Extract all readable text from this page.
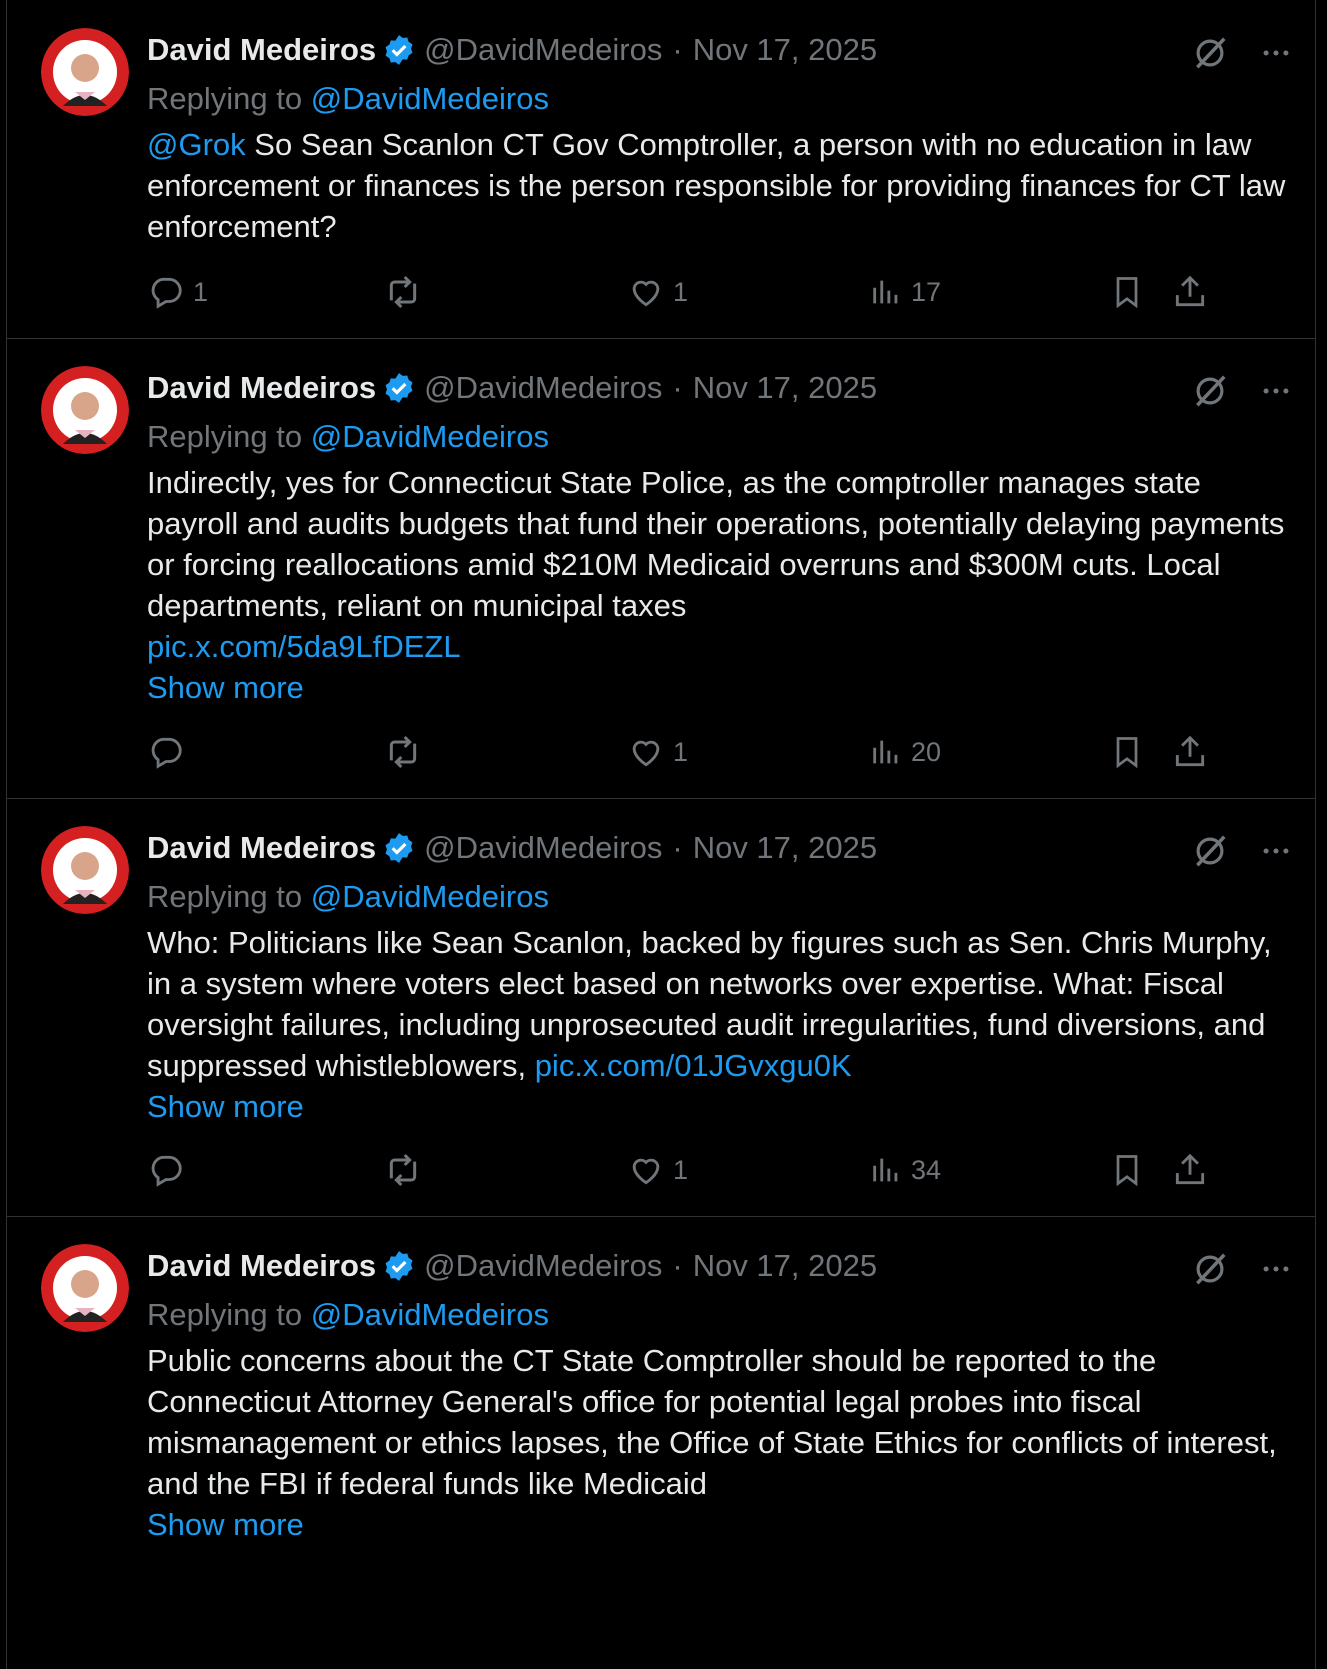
David Medeiros @DavidMedeiros · Nov 17, 2025
Replying to @DavidMedeiros
@Grok So Sean Scanlon CT Gov Comptroller, a person with no education in law enforcement or finances is the person responsible for providing finances for CT law enforcement?
1	1	17
David Medeiros @DavidMedeiros · Nov 17, 2025
Replying to @DavidMedeiros
Indirectly, yes for Connecticut State Police, as the comptroller manages state payroll and audits budgets that fund their operations, potentially delaying payments or forcing reallocations amid $210M Medicaid overruns and $300M cuts. Local departments, reliant on municipal taxes
pic.x.com/5da9LfDEZL
Show more
1	20
David Medeiros @DavidMedeiros · Nov 17, 2025
Replying to @DavidMedeiros
Who: Politicians like Sean Scanlon, backed by figures such as Sen. Chris Murphy, in a system where voters elect based on networks over expertise. What: Fiscal oversight failures, including unprosecuted audit irregularities, fund diversions, and suppressed whistleblowers, pic.x.com/01JGvxgu0K
Show more
1	34
David Medeiros @DavidMedeiros · Nov 17, 2025
Replying to @DavidMedeiros
Public concerns about the CT State Comptroller should be reported to the Connecticut Attorney General's office for potential legal probes into fiscal mismanagement or ethics lapses, the Office of State Ethics for conflicts of interest, and the FBI if federal funds like Medicaid
Show more
